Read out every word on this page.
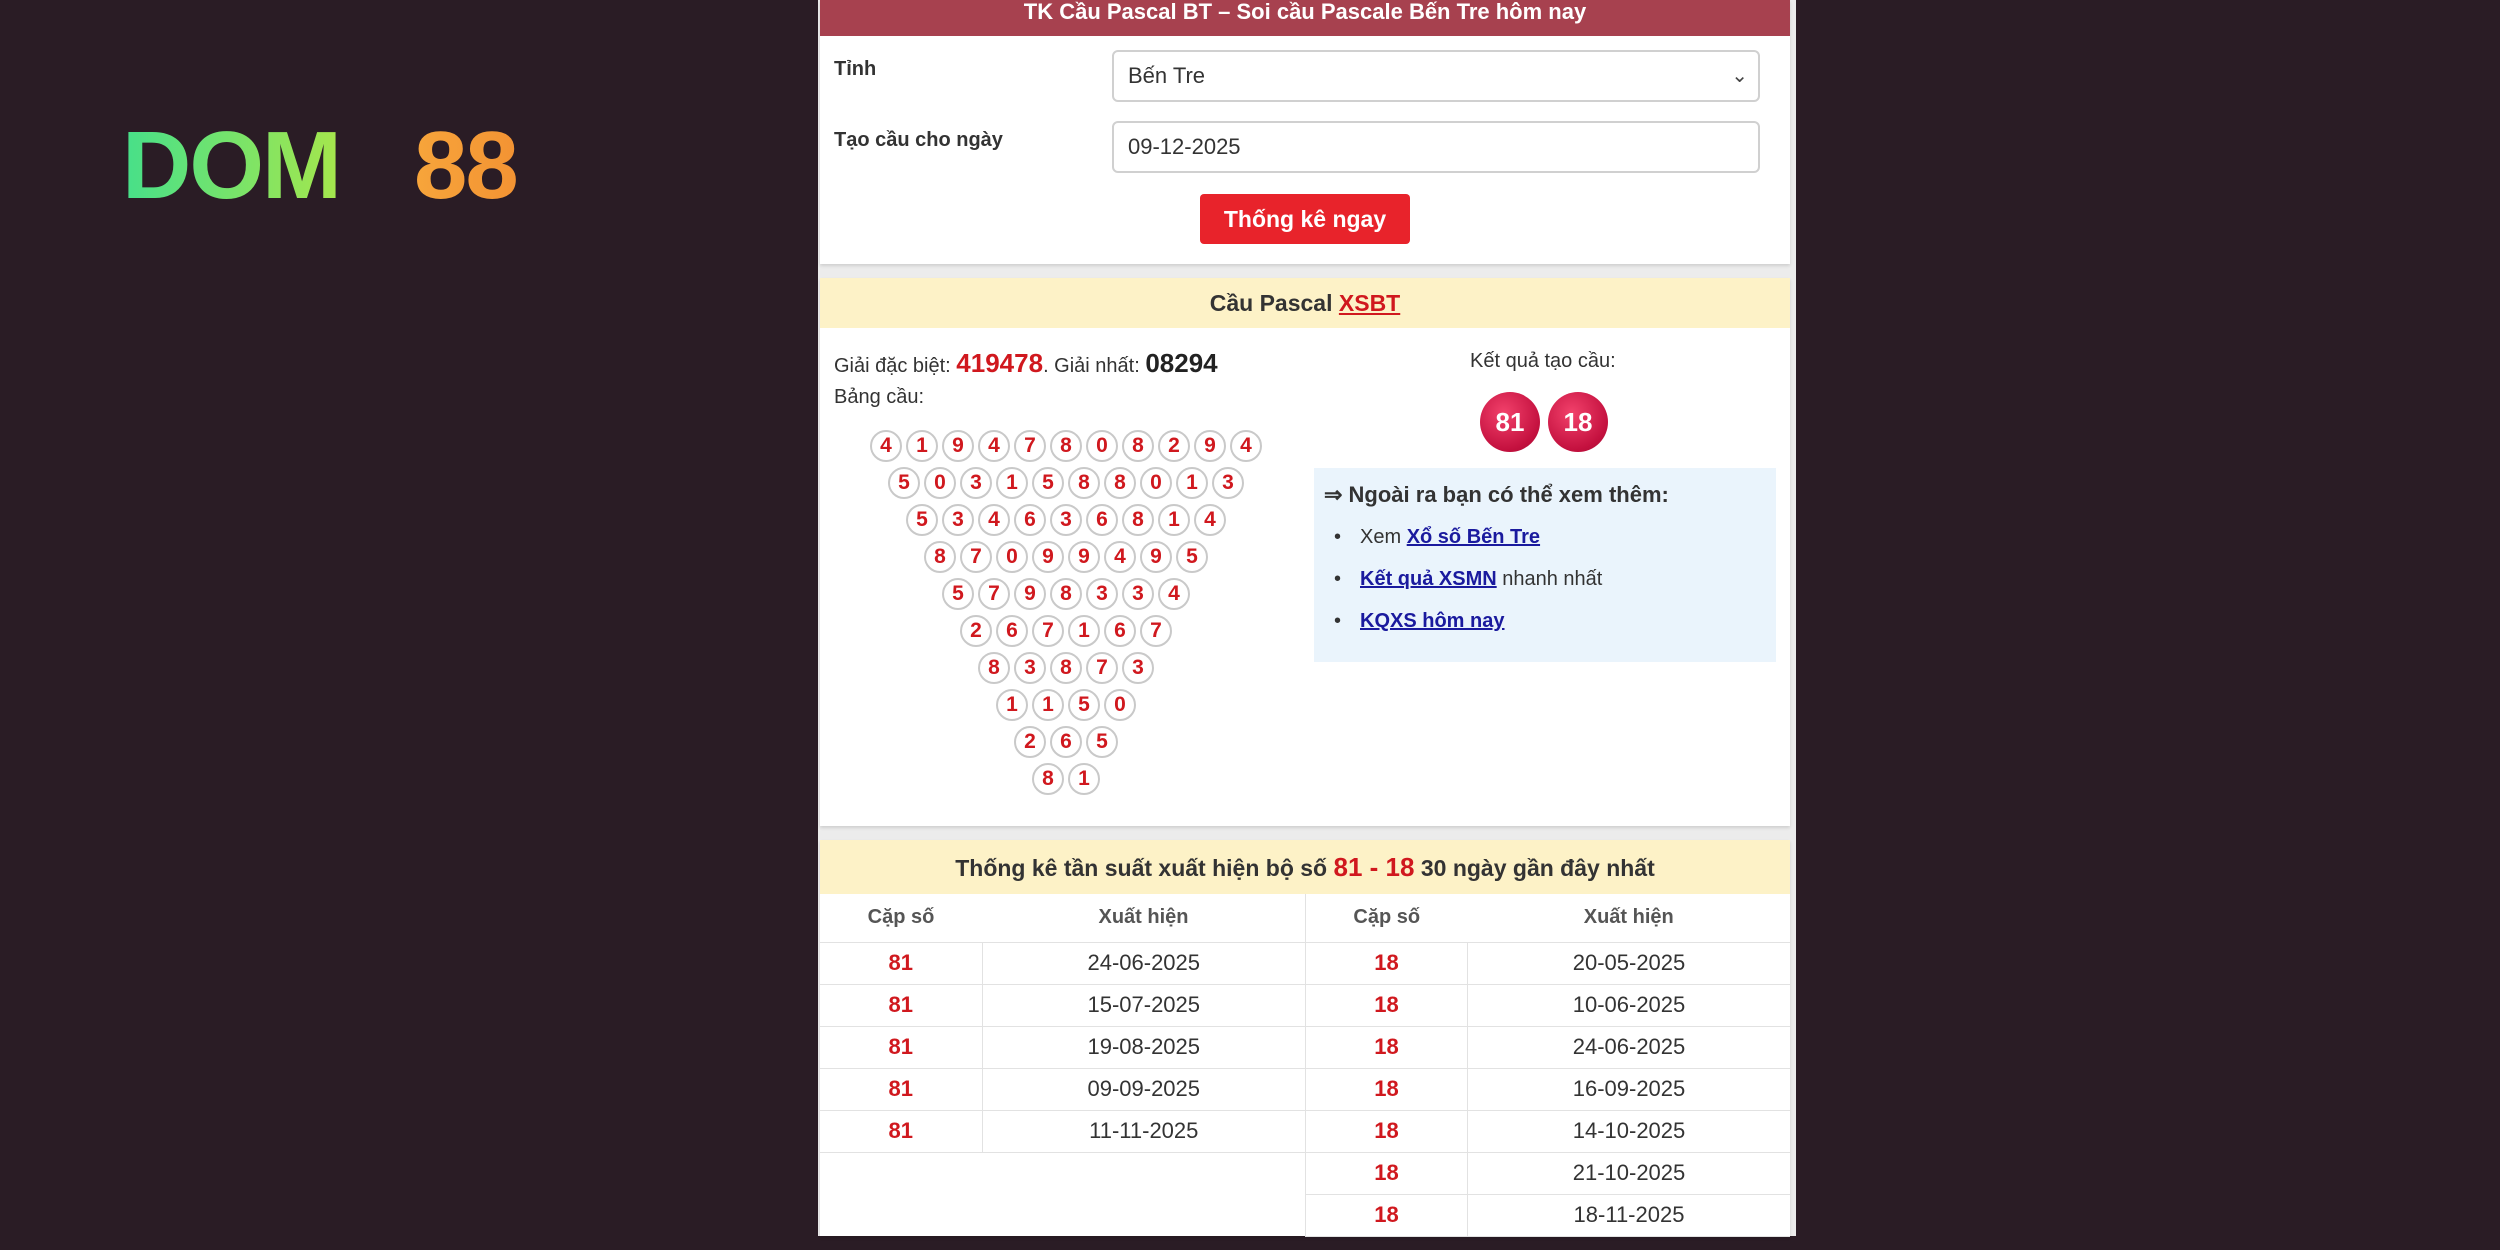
DOM 88
TK Cầu Pascal BT – Soi cầu Pascale Bến Tre hôm nay
Tỉnh	Bến Tre	⌄
Tạo cầu cho ngày	09-12-2025
Thống kê ngay
Cầu Pascal XSBT
Giải đặc biệt: 419478. Giải nhất: 08294
Bảng cầu:
4	1	9	4	7	8	0	8	2	9	4
5	0	3	1	5	8	8	0	1	3
5	3	4	6	3	6	8	1	4
8	7	0	9	9	4	9	5
5	7	9	8	3	3	4
2	6	7	1	6	7
8	3	8	7	3
1	1	5	0
2	6	5
8	1
Kết quả tạo cầu:
81	18
⇒ Ngoài ra bạn có thể xem thêm:
• Xem Xổ số Bến Tre
• Kết quả XSMN nhanh nhất
• KQXS hôm nay
Thống kê tần suất xuất hiện bộ số 81 - 18 30 ngày gần đây nhất
Cặp số	Xuất hiện
81	24-06-2025
81	15-07-2025
81	19-08-2025
81	09-09-2025
81	11-11-2025

Cặp số	Xuất hiện
18	20-05-2025
18	10-06-2025
18	24-06-2025
18	16-09-2025
18	14-10-2025
18	21-10-2025
18	18-11-2025
